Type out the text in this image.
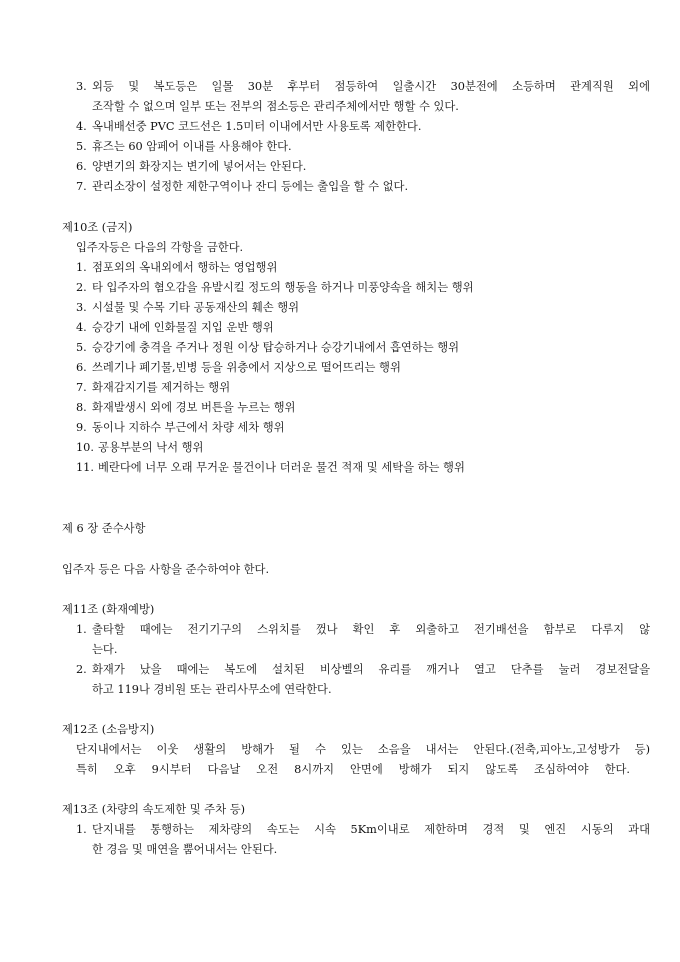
3. 외등 및 복도등은 일몰 30분 후부터 점등하여 일출시간 30분전에 소등하며 관계직원 외에
조작할 수 없으며 일부 또는 전부의 점소등은 관리주체에서만 행할 수 있다.
4. 옥내배선중 PVC 코드선은 1.5미터 이내에서만 사용토록 제한한다.
5. 휴즈는 60 암페어 이내를 사용해야 한다.
6. 양변기의 화장지는 변기에 넣어서는 안된다.
7. 관리소장이 설정한 제한구역이나 잔디 등에는 출입을 할 수 없다.
제10조 (금지)
입주자등은 다음의 각항을 금한다.
1. 점포외의 옥내외에서 행하는 영업행위
2. 타 입주자의 혐오감을 유발시킬 정도의 행동을 하거나 미풍양속을 해치는 행위
3. 시설물 및 수목 기타 공동재산의 훼손 행위
4. 승강기 내에 인화물질 지입 운반 행위
5. 승강기에 충격을 주거나 정원 이상 탑승하거나 승강기내에서 흡연하는 행위
6. 쓰레기나 폐기물,빈병 등을 위층에서 지상으로 떨어뜨리는 행위
7. 화재감지기를 제거하는 행위
8. 화재발생시 외에 경보 버튼을 누르는 행위
9. 동이나 지하수 부근에서 차량 세차 행위
10. 공용부분의 낙서 행위
11. 베란다에 너무 오래 무거운 물건이나 더러운 물건 적재 및 세탁을 하는 행위
제 6 장 준수사항
입주자 등은 다음 사항을 준수하여야 한다.
제11조 (화재예방)
1. 출타할 때에는 전기기구의 스위치를 껐나 확인 후 외출하고 전기배선을 함부로 다루지 않
는다.
2. 화재가 났을 때에는 복도에 설치된 비상벨의 유리를 깨거나 열고 단추를 눌러 경보전달을
하고 119나 경비원 또는 관리사무소에 연락한다.
제12조 (소음방지)
단지내에서는 이웃 생활의 방해가 될 수 있는 소음을 내서는 안된다.(전축,피아노,고성방가 등)
특히 오후 9시부터 다음날 오전 8시까지 안면에 방해가 되지 않도록 조심하여야 한다.
제13조 (차량의 속도제한 및 주차 등)
1. 단지내를 통행하는 제차량의 속도는 시속 5Km이내로 제한하며 경적 및 엔진 시동의 과대
한 경음 및 매연을 뿜어내서는 안된다.
